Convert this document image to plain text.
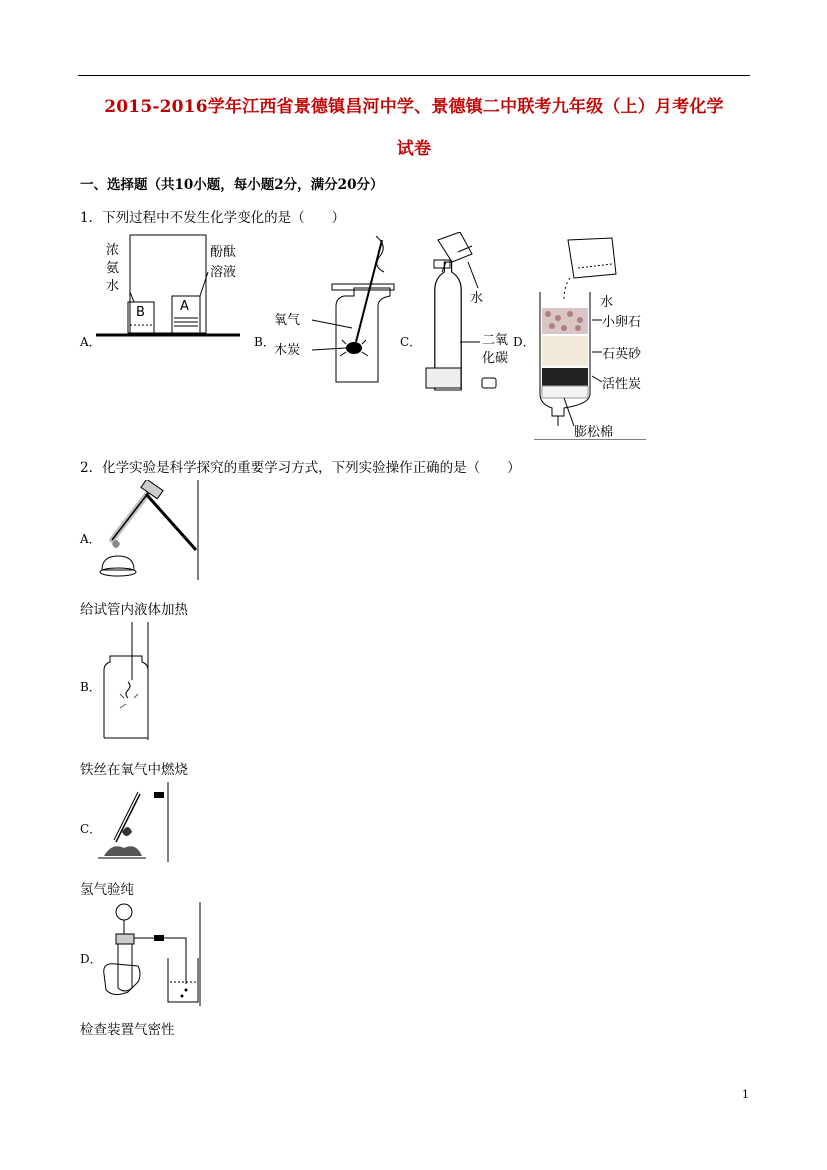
2015-2016学年江西省景德镇昌河中学、景德镇二中联考九年级（上）月考化学
试卷
一、选择题（共10小题，每小题2分，满分20分）
1．下列过程中不发生化学变化的是（　　）
A．
浓
氨
水
酚酞
溶液
B	A
B．
氧气
木炭
C．
水
二氧
化碳
D．
水
小卵石
石英砂
活性炭
膨松棉
2．化学实验是科学探究的重要学习方式，下列实验操作正确的是（　　）
A．
给试管内液体加热
B．
铁丝在氧气中燃烧
C．
氢气验纯
D．
检查装置气密性
1
